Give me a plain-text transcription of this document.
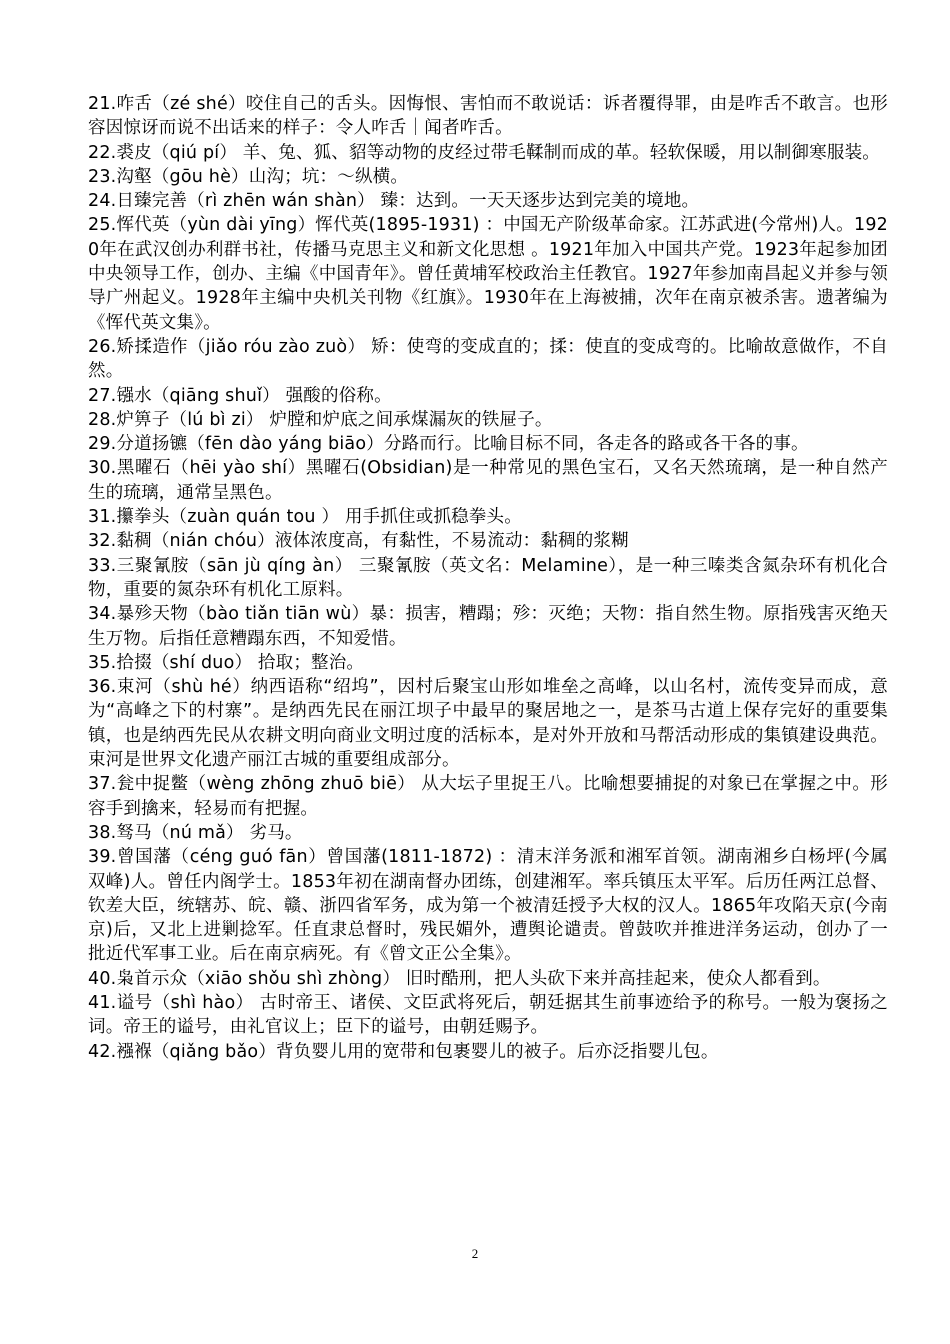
21.咋舌（zé shé）咬住自己的舌头。因悔恨、害怕而不敢说话：诉者覆得罪，由是咋舌不敢言。也形容因惊讶而说不出话来的样子：令人咋舌｜闻者咋舌。

22.裘皮（qiú pí） 羊、兔、狐、貂等动物的皮经过带毛鞣制而成的革。轻软保暖，用以制御寒服装。

23.沟壑（gōu hè）山沟；坑：～纵横。

24.日臻完善（rì zhēn wán shàn） 臻：达到。一天天逐步达到完美的境地。

25.恽代英（yùn dài yīng）恽代英(1895-1931) ：中国无产阶级革命家。江苏武进(今常州)人。1920年在武汉创办利群书社，传播马克思主义和新文化思想 。1921年加入中国共产党。1923年起参加团中央领导工作，创办、主编《中国青年》。曾任黄埔军校政治主任教官。1927年参加南昌起义并参与领导广州起义。1928年主编中央机关刊物《红旗》。1930年在上海被捕，次年在南京被杀害。遗著编为《恽代英文集》。

26.矫揉造作（jiǎo róu zào zuò） 矫：使弯的变成直的；揉：使直的变成弯的。比喻故意做作，不自然。

27.镪水（qiāng shuǐ） 强酸的俗称。

28.炉箅子（lú bì zi） 炉膛和炉底之间承煤漏灰的铁屉子。

29.分道扬镳（fēn dào yáng biāo）分路而行。比喻目标不同，各走各的路或各干各的事。

30.黑曜石（hēi yào shí）黑曜石(Obsidian)是一种常见的黑色宝石，又名天然琉璃，是一种自然产生的琉璃，通常呈黑色。

31.攥拳头（zuàn quán tou ） 用手抓住或抓稳拳头。

32.黏稠（nián chóu）液体浓度高，有黏性，不易流动：黏稠的浆糊

33.三聚氰胺（sān jù qíng àn） 三聚氰胺（英文名：Melamine），是一种三嗪类含氮杂环有机化合物，重要的氮杂环有机化工原料。

34.暴殄天物（bào tiǎn tiān wù）暴：损害，糟蹋；殄：灭绝；天物：指自然生物。原指残害灭绝天生万物。后指任意糟蹋东西，不知爱惜。

35.拾掇（shí duo） 拾取；整治。

36.束河（shù hé）纳西语称“绍坞”，因村后聚宝山形如堆垒之高峰，以山名村，流传变异而成，意为“高峰之下的村寨”。是纳西先民在丽江坝子中最早的聚居地之一，是茶马古道上保存完好的重要集镇，也是纳西先民从农耕文明向商业文明过度的活标本，是对外开放和马帮活动形成的集镇建设典范。束河是世界文化遗产丽江古城的重要组成部分。

37.瓮中捉鳖（wèng zhōng zhuō biē） 从大坛子里捉王八。比喻想要捕捉的对象已在掌握之中。形容手到擒来，轻易而有把握。

38.驽马（nú mǎ） 劣马。

39.曾国藩（céng guó fān）曾国藩(1811-1872) ：清末洋务派和湘军首领。湖南湘乡白杨坪(今属双峰)人。曾任内阁学士。1853年初在湖南督办团练，创建湘军。率兵镇压太平军。后历任两江总督、钦差大臣，统辖苏、皖、赣、浙四省军务，成为第一个被清廷授予大权的汉人。1865年攻陷天京(今南京)后，又北上进剿捻军。任直隶总督时，残民媚外，遭舆论谴责。曾鼓吹并推进洋务运动，创办了一批近代军事工业。后在南京病死。有《曾文正公全集》。

40.枭首示众（xiāo shǒu shì zhòng） 旧时酷刑，把人头砍下来并高挂起来，使众人都看到。

41.谥号（shì hào） 古时帝王、诸侯、文臣武将死后，朝廷据其生前事迹给予的称号。一般为褒扬之词。帝王的谥号，由礼官议上；臣下的谥号，由朝廷赐予。

42.襁褓（qiǎng bǎo）背负婴儿用的宽带和包裹婴儿的被子。后亦泛指婴儿包。

2
